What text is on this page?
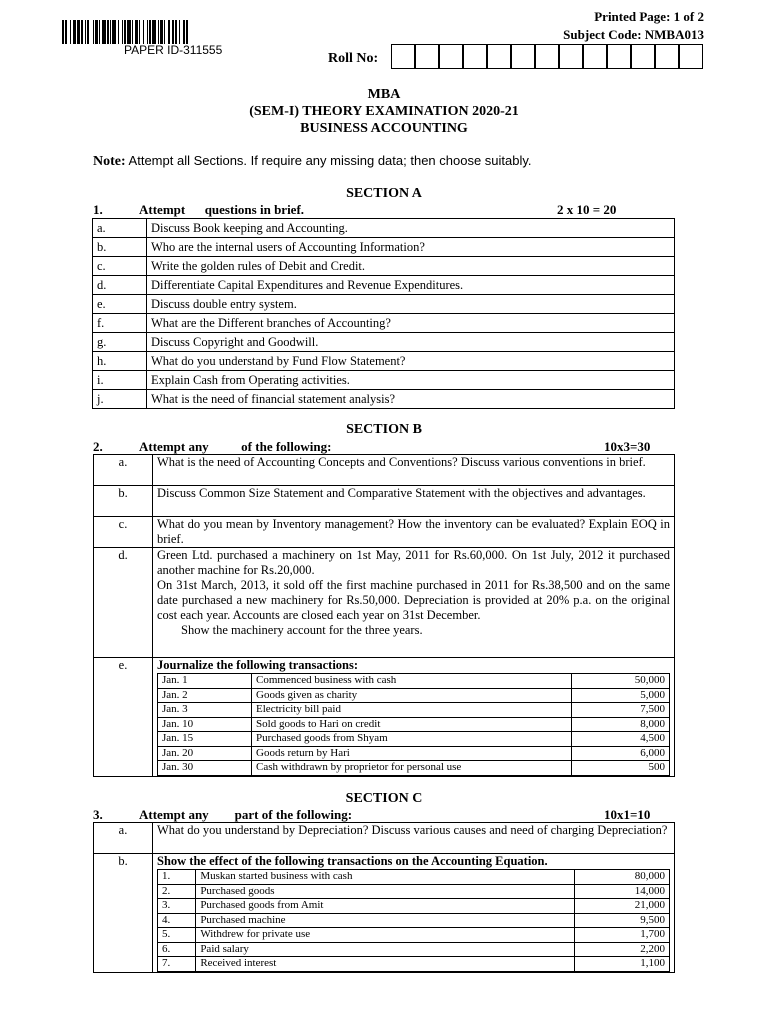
PAPER ID-311555
Printed Page: 1 of 2
Subject Code: NMBA013
Roll No:
MBA
(SEM-I) THEORY EXAMINATION 2020-21
BUSINESS ACCOUNTING
Note: Attempt all Sections. If require any missing data; then choose suitably.
SECTION A
1.	Attempt      questions in brief.	2 x 10 = 20
a.	Discuss Book keeping and Accounting.
b.	Who are the internal users of Accounting Information?
c.	Write the golden rules of Debit and Credit.
d.	Differentiate Capital Expenditures and Revenue Expenditures.
e.	Discuss double entry system.
f.	What are the Different branches of Accounting?
g.	Discuss Copyright and Goodwill.
h.	What do you understand by Fund Flow Statement?
i.	Explain Cash from Operating activities.
j.	What is the need of financial statement analysis?
SECTION B
2.	Attempt any          of the following:	10x3=30
a.	What is the need of Accounting Concepts and Conventions? Discuss various conventions in brief.
b.	Discuss Common Size Statement and Comparative Statement with the objectives and advantages.
c.	What do you mean by Inventory management? How the inventory can be evaluated? Explain EOQ in brief.
d.	Green Ltd. purchased a machinery on 1st May, 2011 for Rs.60,000. On 1st July, 2012 it purchased another machine for Rs.20,000.
On 31st March, 2013, it sold off the first machine purchased in 2011 for Rs.38,500 and on the same date purchased a new machinery for Rs.50,000. Depreciation is provided at 20% p.a. on the original cost each year. Accounts are closed each year on 31st December.
Show the machinery account for the three years.

e.	Journalize the following transactions:
Jan. 1	Commenced business with cash	50,000
Jan. 2	Goods given as charity	5,000
Jan. 3	Electricity bill paid	7,500
Jan. 10	Sold goods to Hari on credit	8,000
Jan. 15	Purchased goods from Shyam	4,500
Jan. 20	Goods return by Hari	6,000
Jan. 30	Cash withdrawn by proprietor for personal use	500
SECTION C
3.	Attempt any        part of the following:	10x1=10
a.	What do you understand by Depreciation? Discuss various causes and need of charging Depreciation?
b.	Show the effect of the following transactions on the Accounting Equation.
1.	Muskan started business with cash	80,000
2.	Purchased goods	14,000
3.	Purchased goods from Amit	21,000
4.	Purchased machine	9,500
5.	Withdrew for private use	1,700
6.	Paid salary	2,200
7.	Received interest	1,100
